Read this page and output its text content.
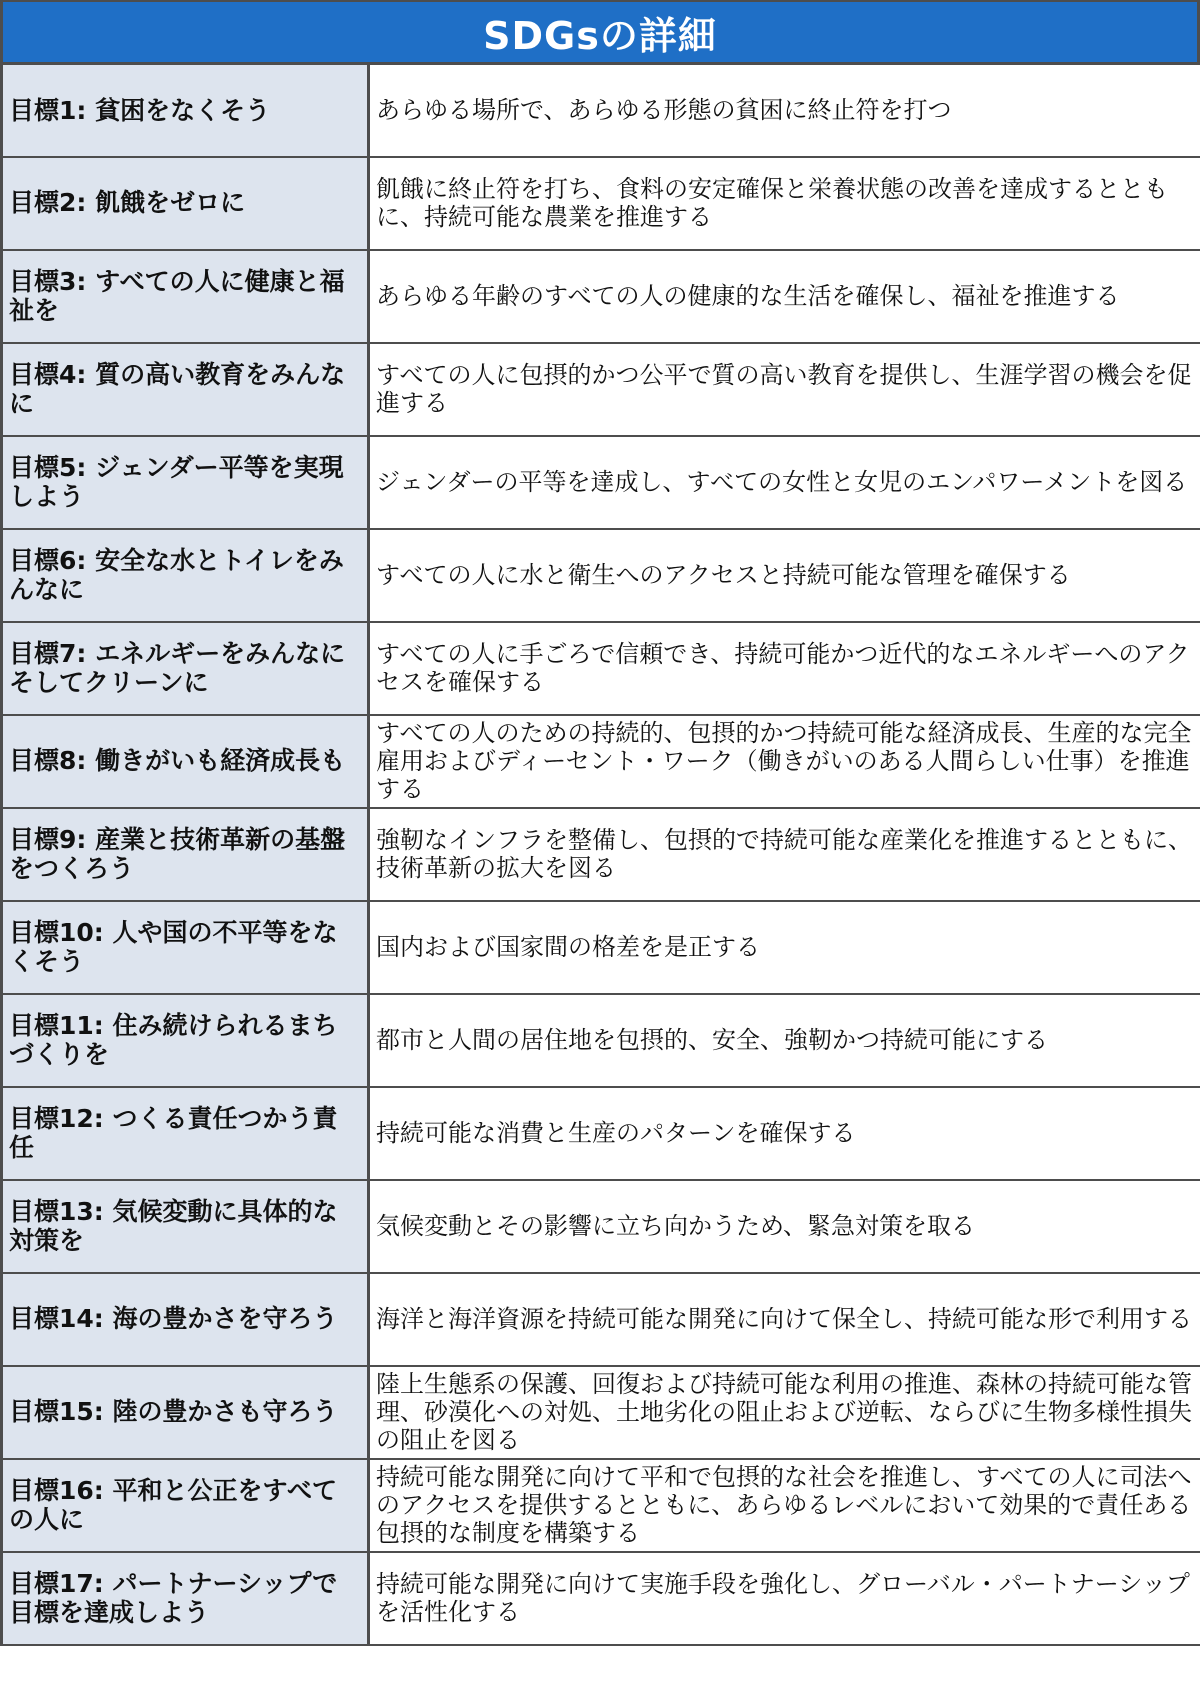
SDGsの詳細
目標1: 貧困をなくそう	あらゆる場所で、あらゆる形態の貧困に終止符を打つ
目標2: 飢餓をゼロに	飢餓に終止符を打ち、食料の安定確保と栄養状態の改善を達成するとともに、持続可能な農業を推進する
目標3: すべての人に健康と福祉を	あらゆる年齢のすべての人の健康的な生活を確保し、福祉を推進する
目標4: 質の高い教育をみんなに	すべての人に包摂的かつ公平で質の高い教育を提供し、生涯学習の機会を促進する
目標5: ジェンダー平等を実現しよう	ジェンダーの平等を達成し、すべての女性と女児のエンパワーメントを図る
目標6: 安全な水とトイレをみんなに	すべての人に水と衛生へのアクセスと持続可能な管理を確保する
目標7: エネルギーをみんなにそしてクリーンに	すべての人に手ごろで信頼でき、持続可能かつ近代的なエネルギーへのアクセスを確保する
目標8: 働きがいも経済成長も	すべての人のための持続的、包摂的かつ持続可能な経済成長、生産的な完全雇用およびディーセント・ワーク（働きがいのある人間らしい仕事）を推進する
目標9: 産業と技術革新の基盤をつくろう	強靭なインフラを整備し、包摂的で持続可能な産業化を推進するとともに、技術革新の拡大を図る
目標10: 人や国の不平等をなくそう	国内および国家間の格差を是正する
目標11: 住み続けられるまちづくりを	都市と人間の居住地を包摂的、安全、強靭かつ持続可能にする
目標12: つくる責任つかう責任	持続可能な消費と生産のパターンを確保する
目標13: 気候変動に具体的な対策を	気候変動とその影響に立ち向かうため、緊急対策を取る
目標14: 海の豊かさを守ろう	海洋と海洋資源を持続可能な開発に向けて保全し、持続可能な形で利用する
目標15: 陸の豊かさも守ろう	陸上生態系の保護、回復および持続可能な利用の推進、森林の持続可能な管理、砂漠化への対処、土地劣化の阻止および逆転、ならびに生物多様性損失の阻止を図る
目標16: 平和と公正をすべての人に	持続可能な開発に向けて平和で包摂的な社会を推進し、すべての人に司法へのアクセスを提供するとともに、あらゆるレベルにおいて効果的で責任ある包摂的な制度を構築する
目標17: パートナーシップで目標を達成しよう	持続可能な開発に向けて実施手段を強化し、グローバル・パートナーシップを活性化する
